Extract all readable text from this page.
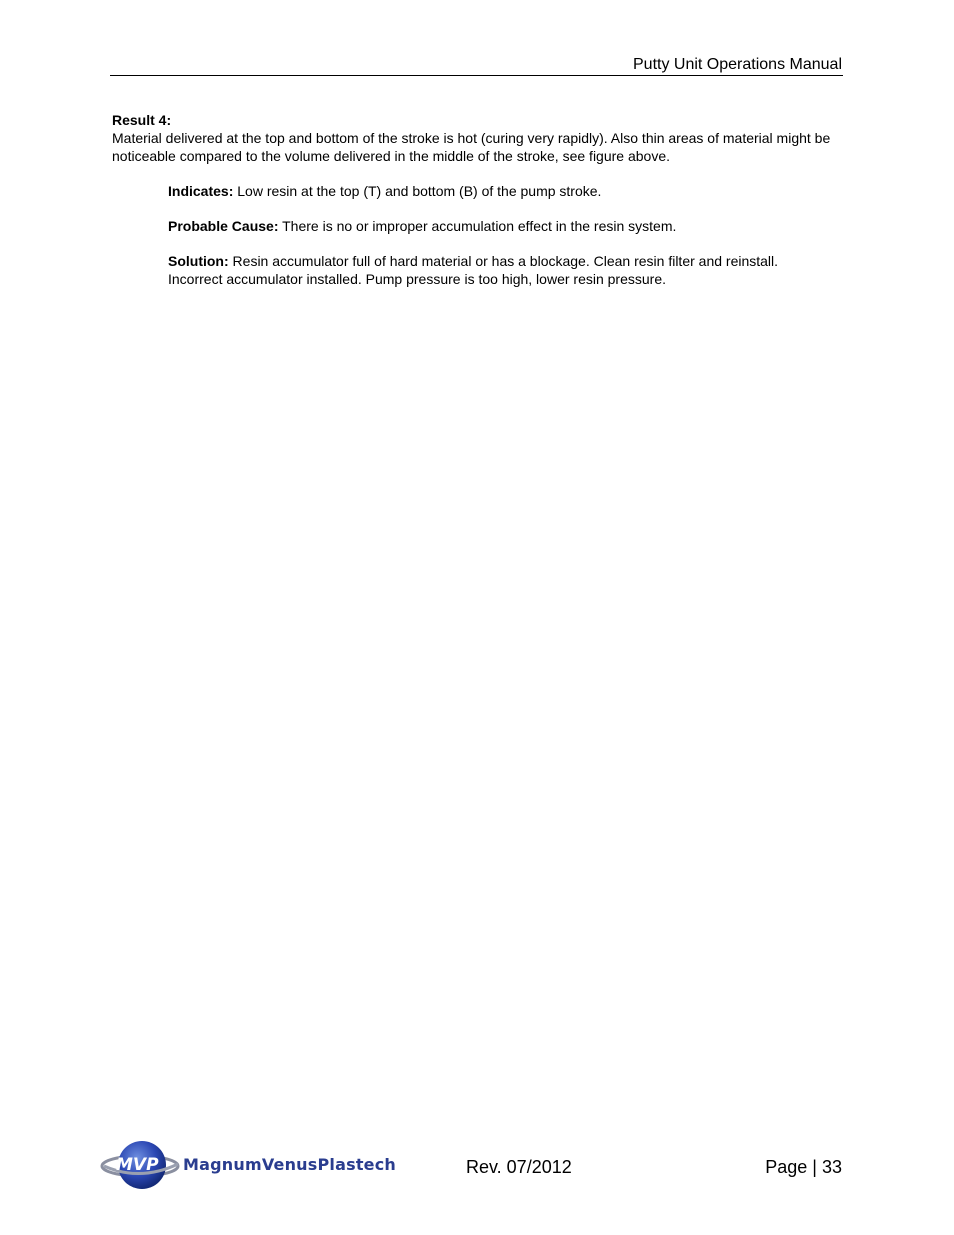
Putty Unit Operations Manual
Result 4:

Material delivered at the top and bottom of the stroke is hot (curing very rapidly). Also thin areas of material might be noticeable compared to the volume delivered in the middle of the stroke, see figure above.

Indicates: Low resin at the top (T) and bottom (B) of the pump stroke.
Probable Cause: There is no or improper accumulation effect in the resin system.
Solution: Resin accumulator full of hard material or has a blockage. Clean resin filter and reinstall. Incorrect accumulator installed. Pump pressure is too high, lower resin pressure.
MVP MagnumVenusPlastech	Rev. 07/2012	Page | 33
